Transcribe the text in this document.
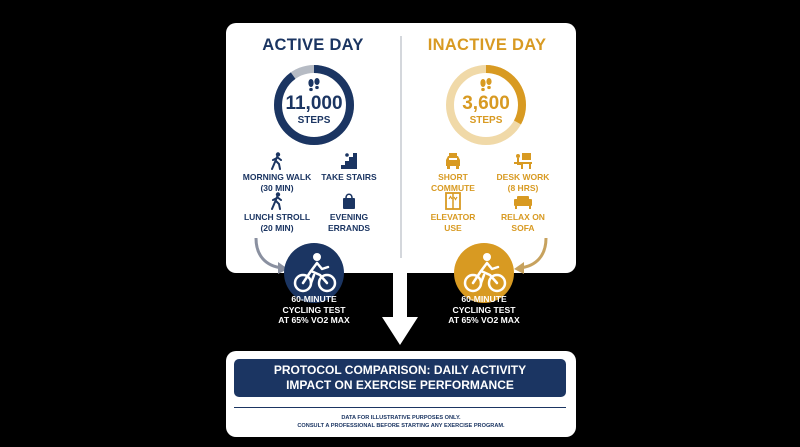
ACTIVE DAY
11,000
STEPS
MORNING WALK
(30 MIN)
TAKE STAIRS
LUNCH STROLL
(20 MIN)
EVENING
ERRANDS
60-MINUTE
CYCLING TEST
AT 65% VO2 MAX
INACTIVE DAY
3,600
STEPS
SHORT
COMMUTE
DESK WORK
(8 HRS)
ELEVATOR
USE
RELAX ON
SOFA
60-MINUTE
CYCLING TEST
AT 65% VO2 MAX
PROTOCOL COMPARISON: DAILY ACTIVITY
IMPACT ON EXERCISE PERFORMANCE
DATA FOR ILLUSTRATIVE PURPOSES ONLY.
CONSULT A PROFESSIONAL BEFORE STARTING ANY EXERCISE PROGRAM.
